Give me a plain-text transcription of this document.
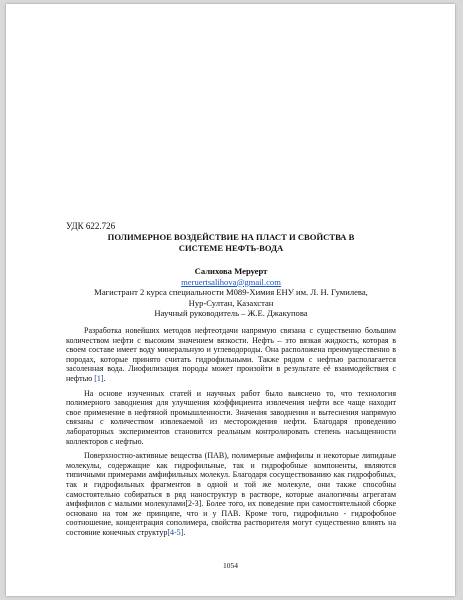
УДК 622.726
ПОЛИМЕРНОЕ ВОЗДЕЙСТВИЕ НА ПЛАСТ И СВОЙСТВА В
СИСТЕМЕ НЕФТЬ-ВОДА
Салихова Меруерт
meruertsalihova@gmail.com
Магистрант 2 курса специальности М089-Химия ЕНУ им. Л. Н. Гумилева,
Нур-Султан, Казахстан
Научный руководитель – Ж.Е. Джакупова

Разработка новейших методов нефтеотдачи напрямую связана с существенно большим количеством нефти с высоким значением вязкости. Нефть – это вязкая жидкость, которая в своем составе имеет воду минеральную и углеводороды. Она расположена преимущественно в породах, которые принято считать гидрофильными. Также рядом с нефтью располагается засоленная вода. Лиофилизация породы может произойти в результате её взаимодействия с нефтью [1].

На основе изученных статей и научных работ было выяснено то, что технология полимерного заводнения для улучшения коэффициента извлечения нефти все чаще находит свое применение в нефтяной промышленности. Значения заводнения и вытеснения напрямую связаны с количеством извлекаемой из месторождения нефти. Благодаря проведению лабораторных экспериментов становится реальным контролировать степень насыщенности коллекторов с нефтью.

Поверхностно-активные вещества (ПАВ), полимерные амфифилы и некоторые липидные молекулы, содержащие как гидрофильные, так и гидрофобные компоненты, являются типичными примерами амфифильных молекул. Благодаря сосуществованию как гидрофобных, так и гидрофильных фрагментов в одной и той же молекуле, они также способны самостоятельно собираться в ряд наноструктур в растворе, которые аналогичны агрегатам амфифилов с малыми молекулами[2-3]. Более того, их поведение при самостоятельной сборке основано на том же принципе, что и у ПАВ. Кроме того, гидрофильно - гидрофобное соотношение, концентрация сополимера, свойства растворителя могут существенно влиять на состояние конечных структур[4-5].

1054
